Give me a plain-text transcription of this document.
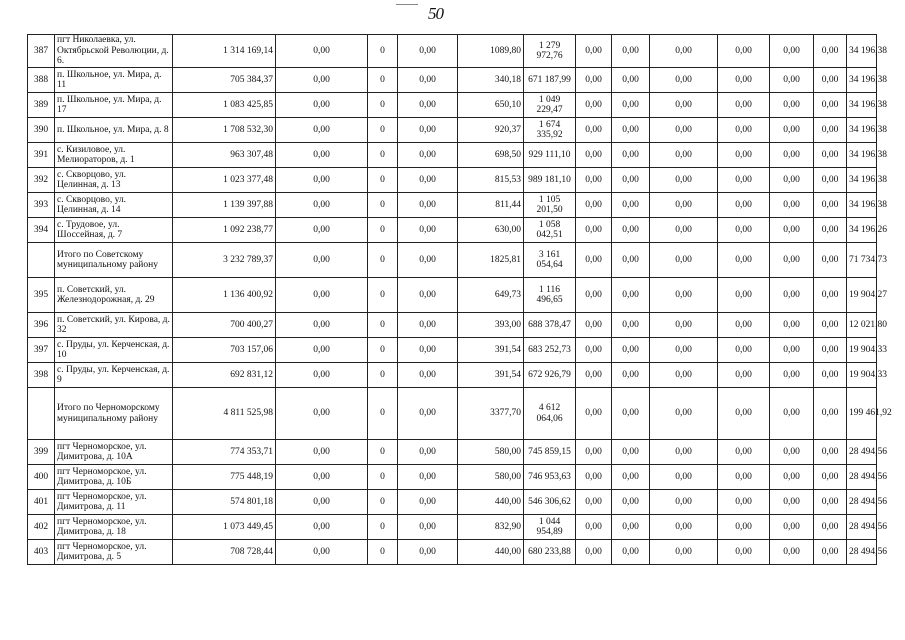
50
387	пгт Николаевка, ул. Октябрьской Революции, д. 6.	1 314 169,14	0,00	0	0,00	1089,80	1 279 972,76	0,00	0,00	0,00	0,00	0,00	0,00	34 196,38
388	п. Школьное, ул. Мира, д. 11	705 384,37	0,00	0	0,00	340,18	671 187,99	0,00	0,00	0,00	0,00	0,00	0,00	34 196,38
389	п. Школьное, ул. Мира, д. 17	1 083 425,85	0,00	0	0,00	650,10	1 049 229,47	0,00	0,00	0,00	0,00	0,00	0,00	34 196,38
390	п. Школьное, ул. Мира, д. 8	1 708 532,30	0,00	0	0,00	920,37	1 674 335,92	0,00	0,00	0,00	0,00	0,00	0,00	34 196,38
391	с. Кизиловое, ул. Мелиораторов, д. 1	963 307,48	0,00	0	0,00	698,50	929 111,10	0,00	0,00	0,00	0,00	0,00	0,00	34 196,38
392	с. Скворцово, ул. Целинная, д. 13	1 023 377,48	0,00	0	0,00	815,53	989 181,10	0,00	0,00	0,00	0,00	0,00	0,00	34 196,38
393	с. Скворцово, ул. Целинная, д. 14	1 139 397,88	0,00	0	0,00	811,44	1 105 201,50	0,00	0,00	0,00	0,00	0,00	0,00	34 196,38
394	с. Трудовое, ул. Шоссейная, д. 7	1 092 238,77	0,00	0	0,00	630,00	1 058 042,51	0,00	0,00	0,00	0,00	0,00	0,00	34 196,26
	Итого по Советскому муниципальному району	3 232 789,37	0,00	0	0,00	1825,81	3 161 054,64	0,00	0,00	0,00	0,00	0,00	0,00	71 734,73
395	п. Советский, ул. Железнодорожная, д. 29	1 136 400,92	0,00	0	0,00	649,73	1 116 496,65	0,00	0,00	0,00	0,00	0,00	0,00	19 904,27
396	п. Советский, ул. Кирова, д. 32	700 400,27	0,00	0	0,00	393,00	688 378,47	0,00	0,00	0,00	0,00	0,00	0,00	12 021,80
397	с. Пруды, ул. Керченская, д. 10	703 157,06	0,00	0	0,00	391,54	683 252,73	0,00	0,00	0,00	0,00	0,00	0,00	19 904,33
398	с. Пруды, ул. Керченская, д. 9	692 831,12	0,00	0	0,00	391,54	672 926,79	0,00	0,00	0,00	0,00	0,00	0,00	19 904,33
	Итого по Черноморскому муниципальному району	4 811 525,98	0,00	0	0,00	3377,70	4 612 064,06	0,00	0,00	0,00	0,00	0,00	0,00	199 461,92
399	пгт Черноморское, ул. Димитрова, д. 10А	774 353,71	0,00	0	0,00	580,00	745 859,15	0,00	0,00	0,00	0,00	0,00	0,00	28 494,56
400	пгт Черноморское, ул. Димитрова, д. 10Б	775 448,19	0,00	0	0,00	580,00	746 953,63	0,00	0,00	0,00	0,00	0,00	0,00	28 494,56
401	пгт Черноморское, ул. Димитрова, д. 11	574 801,18	0,00	0	0,00	440,00	546 306,62	0,00	0,00	0,00	0,00	0,00	0,00	28 494,56
402	пгт Черноморское, ул. Димитрова, д. 18	1 073 449,45	0,00	0	0,00	832,90	1 044 954,89	0,00	0,00	0,00	0,00	0,00	0,00	28 494,56
403	пгт Черноморское, ул. Димитрова, д. 5	708 728,44	0,00	0	0,00	440,00	680 233,88	0,00	0,00	0,00	0,00	0,00	0,00	28 494,56
